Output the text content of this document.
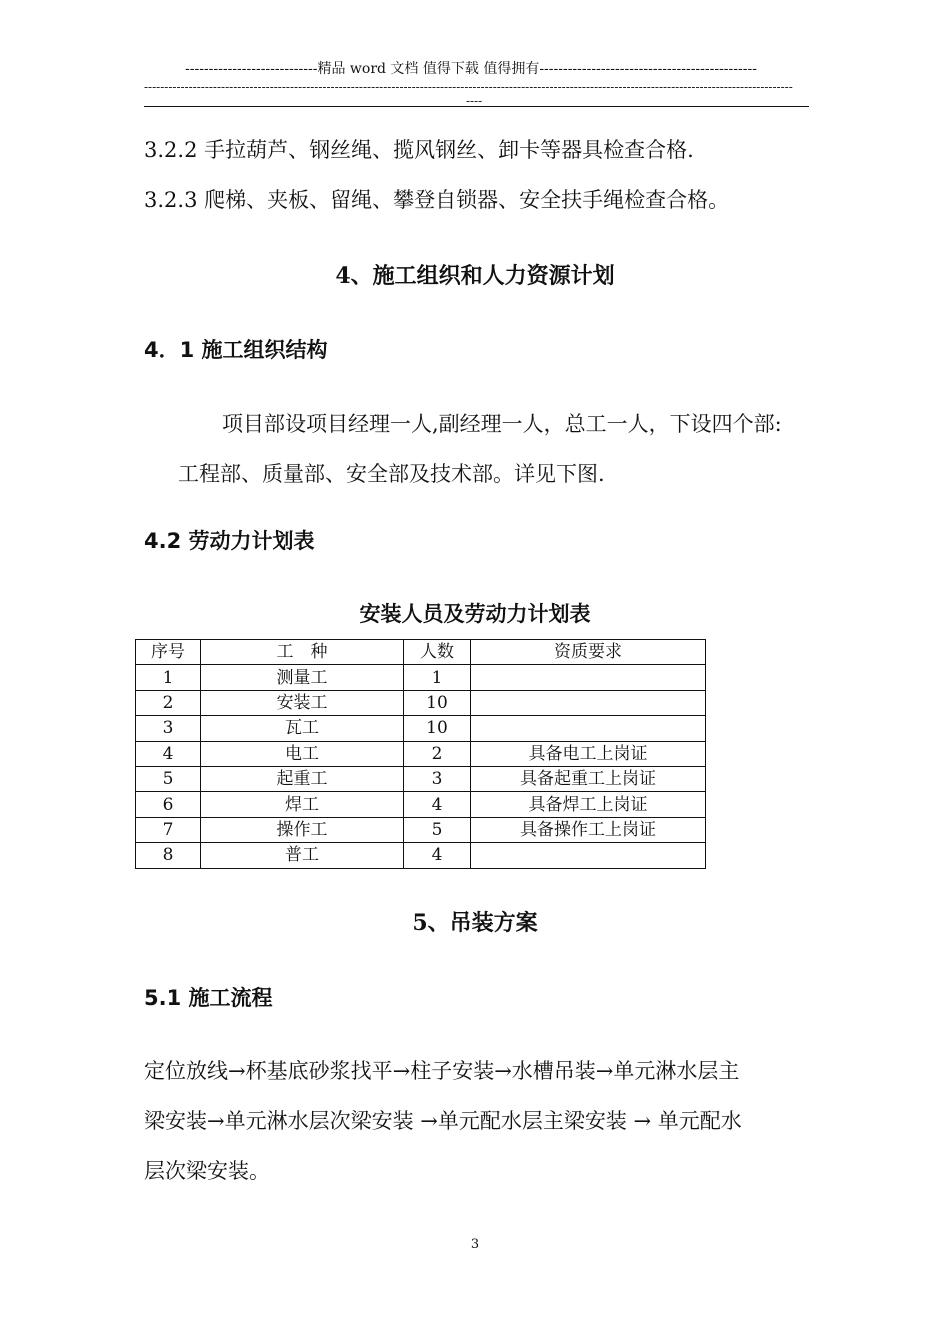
----------------------------精品 word 文档 值得下载 值得拥有----------------------------------------------
----------------------------------------------------------------------------------------------------------------------------------------------------------------
----
3.2.2 手拉葫芦、钢丝绳、揽风钢丝、卸卡等器具检查合格.
3.2.3 爬梯、夹板、留绳、攀登自锁器、安全扶手绳检查合格。
4、施工组织和人力资源计划
4．1 施工组织结构
项目部设项目经理一人,副经理一人，总工一人，下设四个部:
工程部、质量部、安全部及技术部。详见下图.
4.2 劳动力计划表
安装人员及劳动力计划表
序号	工　种	人数	资质要求
1	测量工	1	
2	安装工	10	
3	瓦工	10	
4	电工	2	具备电工上岗证
5	起重工	3	具备起重工上岗证
6	焊工	4	具备焊工上岗证
7	操作工	5	具备操作工上岗证
8	普工	4	
5、吊装方案
5.1 施工流程
定位放线→杯基底砂浆找平→柱子安装→水槽吊装→单元淋水层主
梁安装→单元淋水层次梁安装 →单元配水层主梁安装 → 单元配水
层次梁安装。
3
